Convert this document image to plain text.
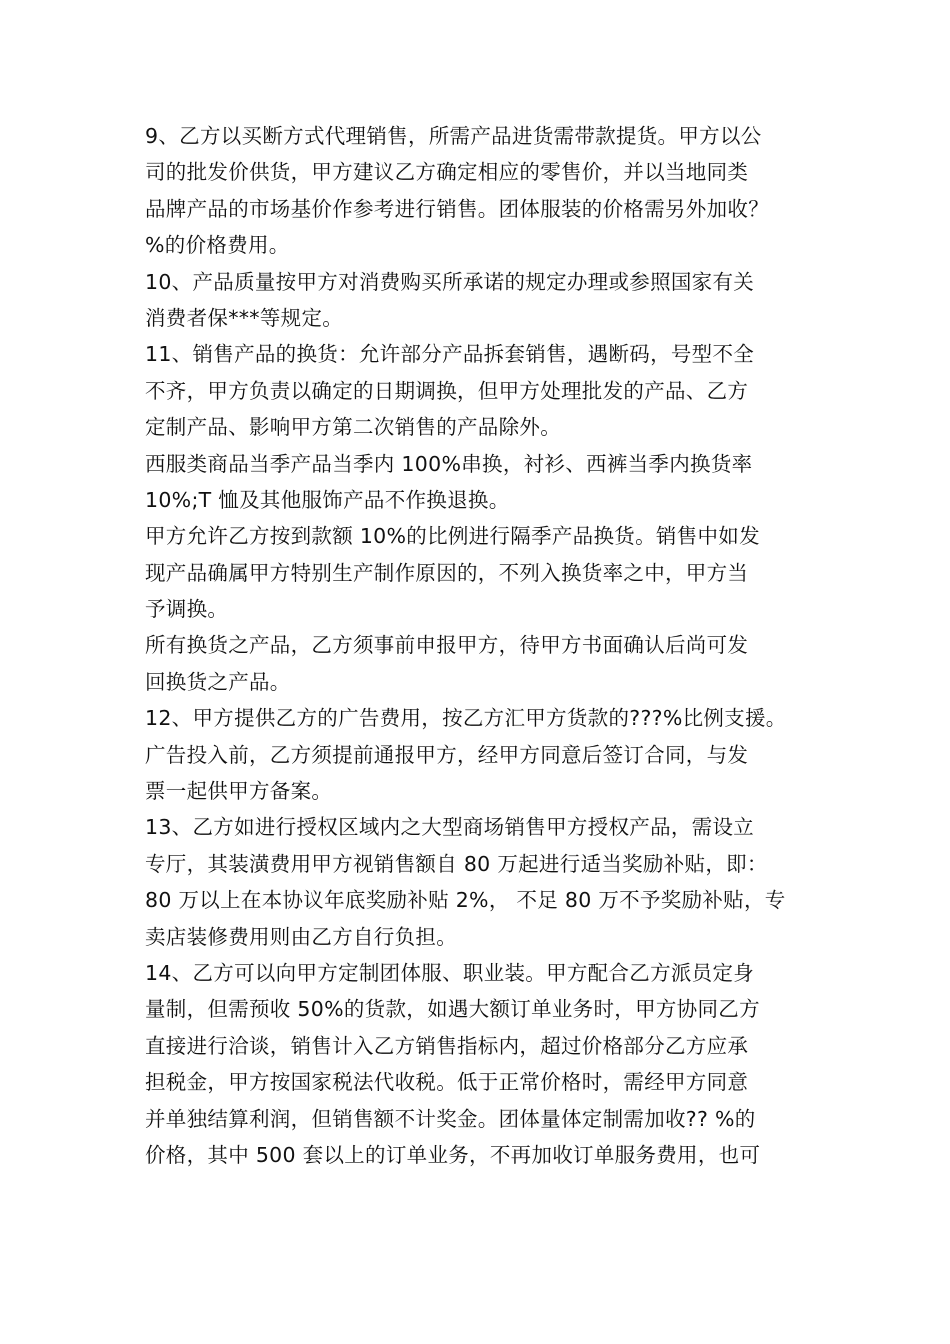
9、乙方以买断方式代理销售，所需产品进货需带款提货。甲方以公
司的批发价供货，甲方建议乙方确定相应的零售价，并以当地同类
品牌产品的市场基价作参考进行销售。团体服装的价格需另外加收？
%的价格费用。
10、产品质量按甲方对消费购买所承诺的规定办理或参照国家有关
消费者保***等规定。
11、销售产品的换货：允许部分产品拆套销售，遇断码，号型不全
不齐，甲方负责以确定的日期调换，但甲方处理批发的产品、乙方
定制产品、影响甲方第二次销售的产品除外。
西服类商品当季产品当季内 100%串换，衬衫、西裤当季内换货率
10%;T 恤及其他服饰产品不作换退换。
甲方允许乙方按到款额 10%的比例进行隔季产品换货。销售中如发
现产品确属甲方特别生产制作原因的，不列入换货率之中，甲方当
予调换。
所有换货之产品，乙方须事前申报甲方，待甲方书面确认后尚可发
回换货之产品。
12、甲方提供乙方的广告费用，按乙方汇甲方货款的???%比例支援。
广告投入前，乙方须提前通报甲方，经甲方同意后签订合同，与发
票一起供甲方备案。
13、乙方如进行授权区域内之大型商场销售甲方授权产品，需设立
专厅，其装潢费用甲方视销售额自 80 万起进行适当奖励补贴，即：
80 万以上在本协议年底奖励补贴 2%， 不足 80 万不予奖励补贴，专
卖店装修费用则由乙方自行负担。
14、乙方可以向甲方定制团体服、职业装。甲方配合乙方派员定身
量制，但需预收 50%的货款，如遇大额订单业务时，甲方协同乙方
直接进行洽谈，销售计入乙方销售指标内，超过价格部分乙方应承
担税金，甲方按国家税法代收税。低于正常价格时，需经甲方同意
并单独结算利润，但销售额不计奖金。团体量体定制需加收?? %的
价格，其中 500 套以上的订单业务，不再加收订单服务费用，也可
